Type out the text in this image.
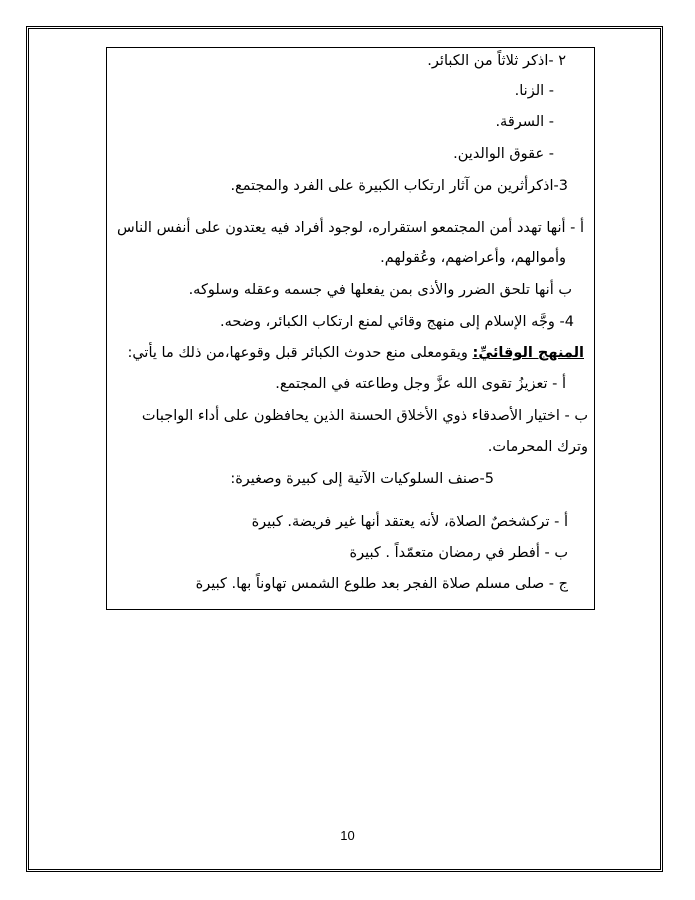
٢ -اذكر ثلاثاً من الكبائر.
- الزنا.
- السرقة.
- عقوق الوالدين.
3-اذكرأثرين من آثار ارتكاب الكبيرة على الفرد والمجتمع.
أ - أنها تهدد أمن المجتمعو استقراره، لوجود أفراد فيه يعتدون على أنفس الناس
وأموالهم، وأعراضهم، وعُقولهم.
ب أنها تلحق الضرر والأذى بمن يفعلها في جسمه وعقله وسلوكه.
4- وجَّه الإسلام إلى منهج وقائي لمنع ارتكاب الكبائر، وضحه.
المنهج الوقائيِّ: ويقومعلى منع حدوث الكبائر قبل وقوعها،من ذلك ما يأتي:
أ - تعزيزُ تقوى الله عزَّ وجل وطاعته في المجتمع.
ب - اختيار الأصدقاء ذوي الأخلاق الحسنة الذين يحافظون على أداء الواجبات
وترك المحرمات.
5-صنف السلوكيات الآتية إلى كبيرة وصغيرة:
أ - تركشخصٌ الصلاة، لأنه يعتقد أنها غير فريضة. كبيرة
ب - أفطر في رمضان متعمّداً . كبيرة
ج - صلى مسلم صلاة الفجر بعد طلوع الشمس تهاوناً بها. كبيرة
10
